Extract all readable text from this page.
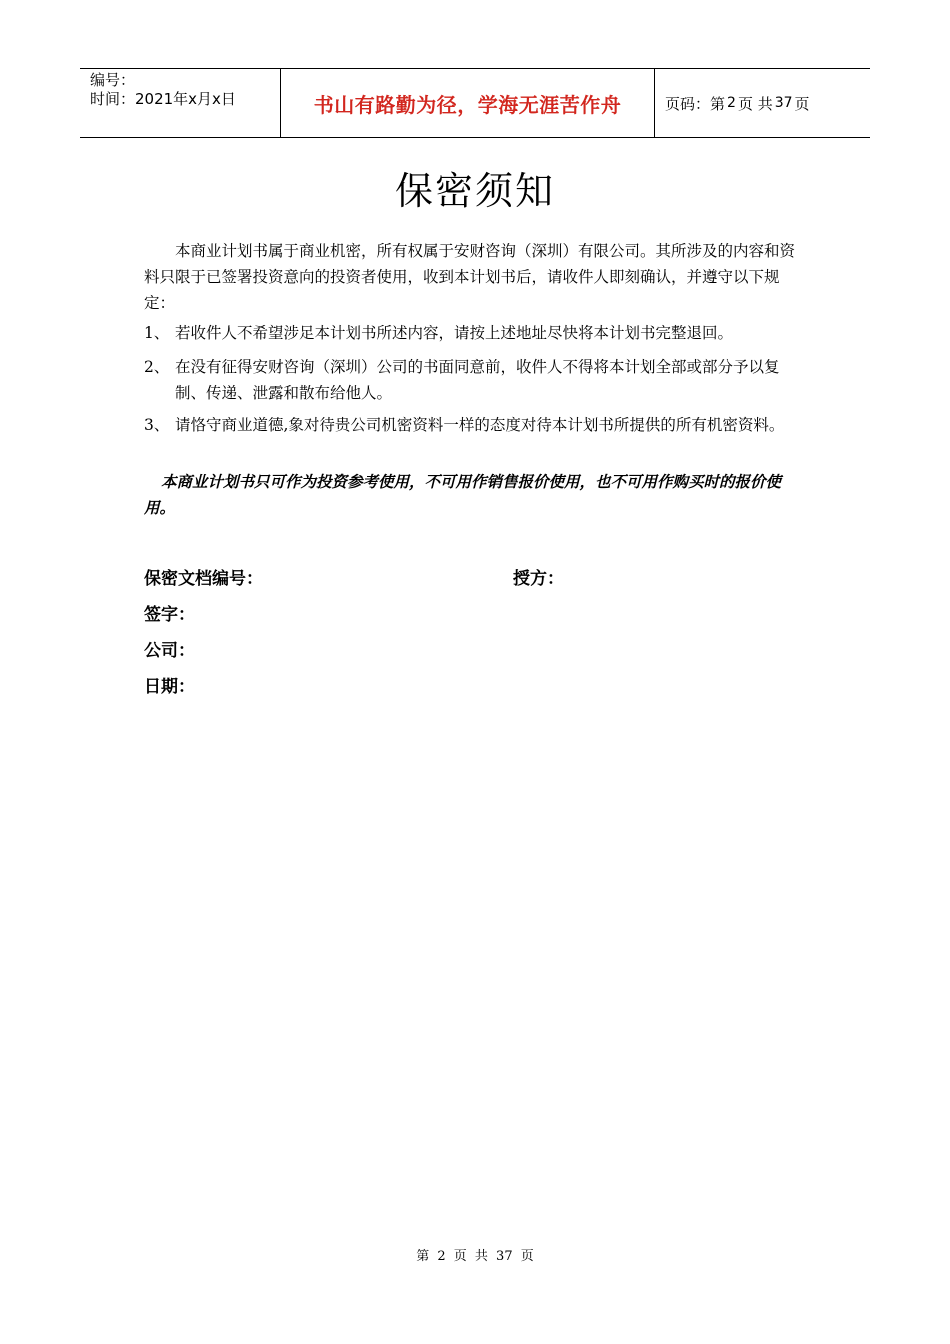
编号：
时间：2021年x月x日	书山有路勤为径，学海无涯苦作舟	页码：第 2 页 共 37 页
保密须知
本商业计划书属于商业机密，所有权属于安财咨询（深圳）有限公司。其所涉及的内容和资料只限于已签署投资意向的投资者使用，收到本计划书后，请收件人即刻确认，并遵守以下规定：
1、 若收件人不希望涉足本计划书所述内容，请按上述地址尽快将本计划书完整退回。
2、 在没有征得安财咨询（深圳）公司的书面同意前，收件人不得将本计划全部或部分予以复制、传递、泄露和散布给他人。
3、 请恪守商业道德,象对待贵公司机密资料一样的态度对待本计划书所提供的所有机密资料。
本商业计划书只可作为投资参考使用，不可用作销售报价使用，也不可用作购买时的报价使用。
保密文档编号：	授方：
签字：
公司：
日期：
第 2 页 共 37 页
